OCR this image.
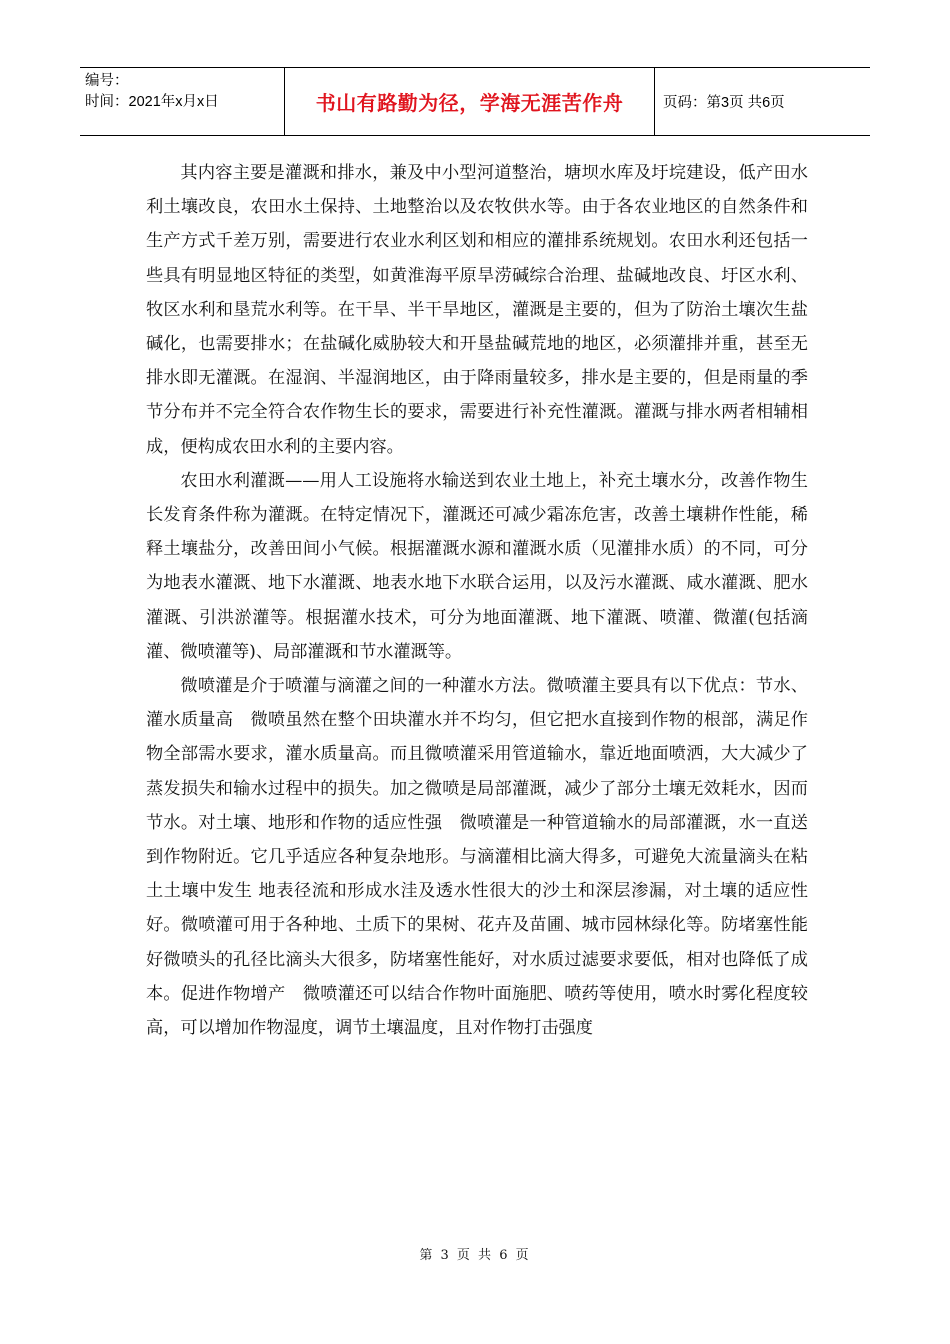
编号：
时间：2021年x月x日	书山有路勤为径，学海无涯苦作舟	页码：第3页 共6页

其内容主要是灌溉和排水，兼及中小型河道整治，塘坝水库及圩垸建设，低产田水利土壤改良，农田水土保持、土地整治以及农牧供水等。由于各农业地区的自然条件和生产方式千差万别，需要进行农业水利区划和相应的灌排系统规划。农田水利还包括一些具有明显地区特征的类型，如黄淮海平原旱涝碱综合治理、盐碱地改良、圩区水利、牧区水利和垦荒水利等。在干旱、半干旱地区，灌溉是主要的，但为了防治土壤次生盐碱化，也需要排水；在盐碱化威胁较大和开垦盐碱荒地的地区，必须灌排并重，甚至无排水即无灌溉。在湿润、半湿润地区，由于降雨量较多，排水是主要的，但是雨量的季节分布并不完全符合农作物生长的要求，需要进行补充性灌溉。灌溉与排水两者相辅相成，便构成农田水利的主要内容。

农田水利灌溉——用人工设施将水输送到农业土地上，补充土壤水分，改善作物生长发育条件称为灌溉。在特定情况下，灌溉还可减少霜冻危害，改善土壤耕作性能，稀释土壤盐分，改善田间小气候。根据灌溉水源和灌溉水质（见灌排水质）的不同，可分为地表水灌溉、地下水灌溉、地表水地下水联合运用，以及污水灌溉、咸水灌溉、肥水灌溉、引洪淤灌等。根据灌水技术，可分为地面灌溉、地下灌溉、喷灌、微灌(包括滴灌、微喷灌等)、局部灌溉和节水灌溉等。

微喷灌是介于喷灌与滴灌之间的一种灌水方法。微喷灌主要具有以下优点：节水、灌水质量高　微喷虽然在整个田块灌水并不均匀，但它把水直接到作物的根部，满足作物全部需水要求，灌水质量高。而且微喷灌采用管道输水，靠近地面喷洒，大大减少了蒸发损失和输水过程中的损失。加之微喷是局部灌溉，减少了部分土壤无效耗水，因而节水。对土壤、地形和作物的适应性强　微喷灌是一种管道输水的局部灌溉，水一直送到作物附近。它几乎适应各种复杂地形。与滴灌相比滴大得多，可避免大流量滴头在粘土土壤中发生 地表径流和形成水洼及透水性很大的沙土和深层渗漏，对土壤的适应性好。微喷灌可用于各种地、土质下的果树、花卉及苗圃、城市园林绿化等。防堵塞性能好微喷头的孔径比滴头大很多，防堵塞性能好，对水质过滤要求要低，相对也降低了成本。促进作物增产　微喷灌还可以结合作物叶面施肥、喷药等使用，喷水时雾化程度较高，可以增加作物湿度，调节土壤温度，且对作物打击强度

第 3 页 共 6 页
